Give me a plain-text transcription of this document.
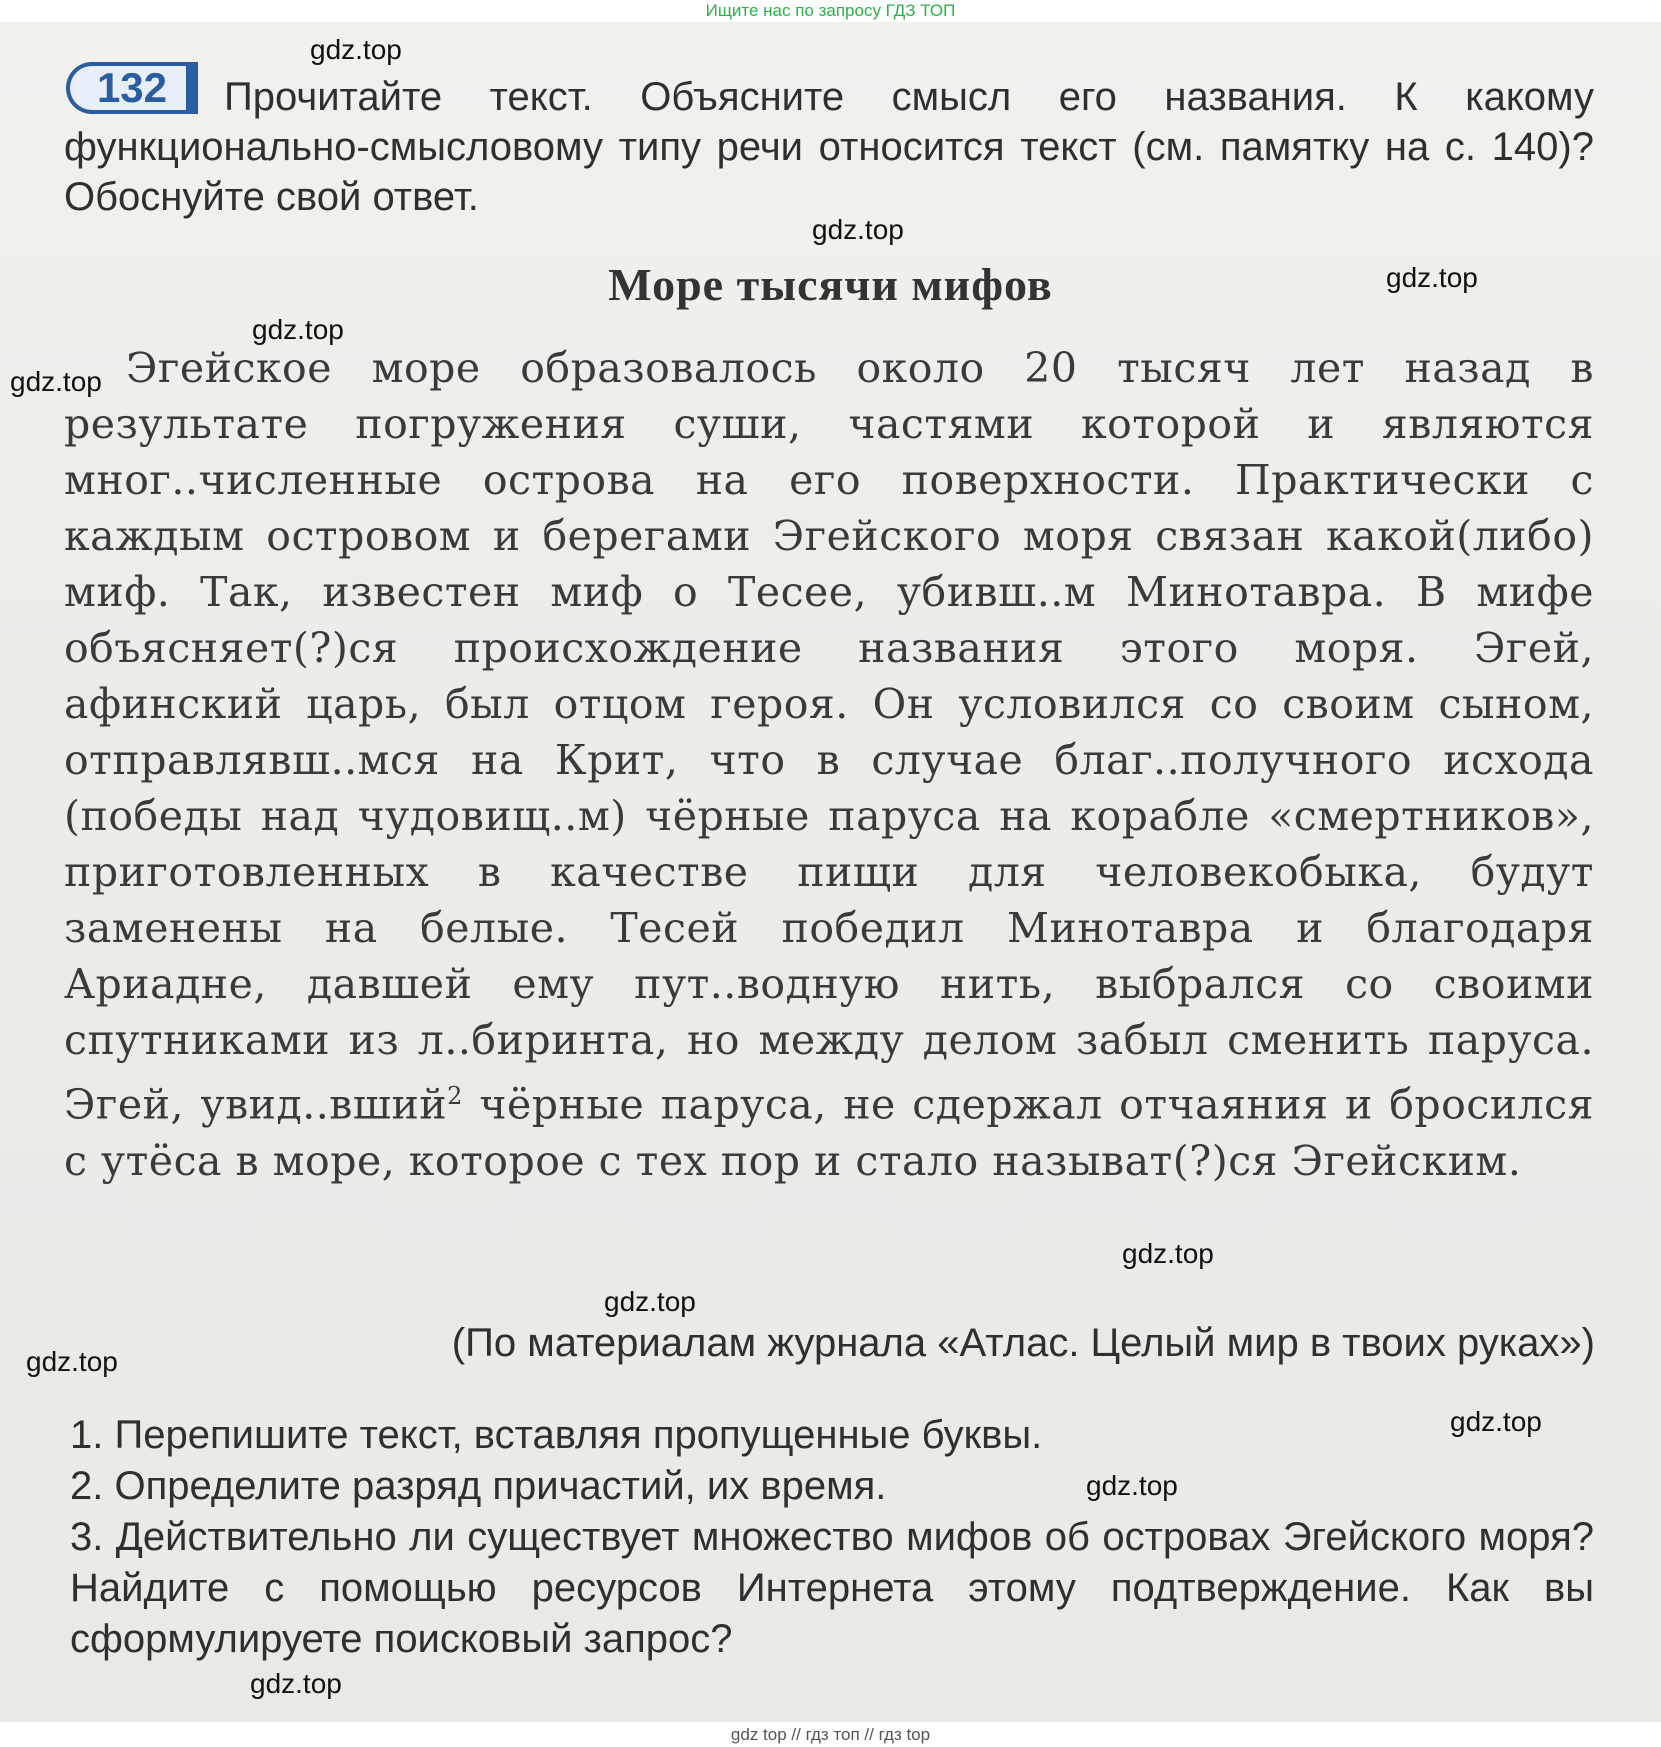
Ищите нас по запросу ГДЗ ТОП
132	Прочитайте текст. Объясните смысл его названия. К какому функционально-смысловому типу речи относится текст (см. памятку на с. 140)? Обоснуйте свой ответ.
Море тысячи мифов
Эгейское море образовалось около 20 тысяч лет назад в результате погружения суши, частями которой и являются мног..численные острова на его поверхности. Практически с каждым островом и берегами Эгейского моря связан какой(либо) миф. Так, известен миф о Тесее, убивш..м Минотавра. В мифе объясняет(?)ся происхождение названия этого моря. Эгей, афинский царь, был отцом героя. Он условился со своим сыном, отправлявш..мся на Крит, что в случае благ..получного исхода (победы над чудовищ..м) чёрные паруса на корабле «смертников», приготовленных в качестве пищи для человекобыка, будут заменены на белые. Тесей победил Минотавра и благодаря Ариадне, давшей ему пут..водную нить, выбрался со своими спутниками из л..биринта, но между делом забыл сменить паруса. Эгей, увид..вший$^2$ чёрные паруса, не сдержал отчаяния и бросился с утёса в море, которое с тех пор и стало называт(?)ся Эгейским.
(По материалам журнала «Атлас. Целый мир в твоих руках»)
1. Перепишите текст, вставляя пропущенные буквы.
2. Определите разряд причастий, их время.
3. Действительно ли существует множество мифов об островах Эгейского моря? Найдите с помощью ресурсов Интернета этому подтверждение. Как вы сформулируете поисковый запрос?
gdz.top
gdz.top
gdz.top
gdz.top
gdz.top
gdz.top
gdz.top
gdz.top
gdz.top
gdz.top
gdz.top
gdz top // гдз топ // гдз top
